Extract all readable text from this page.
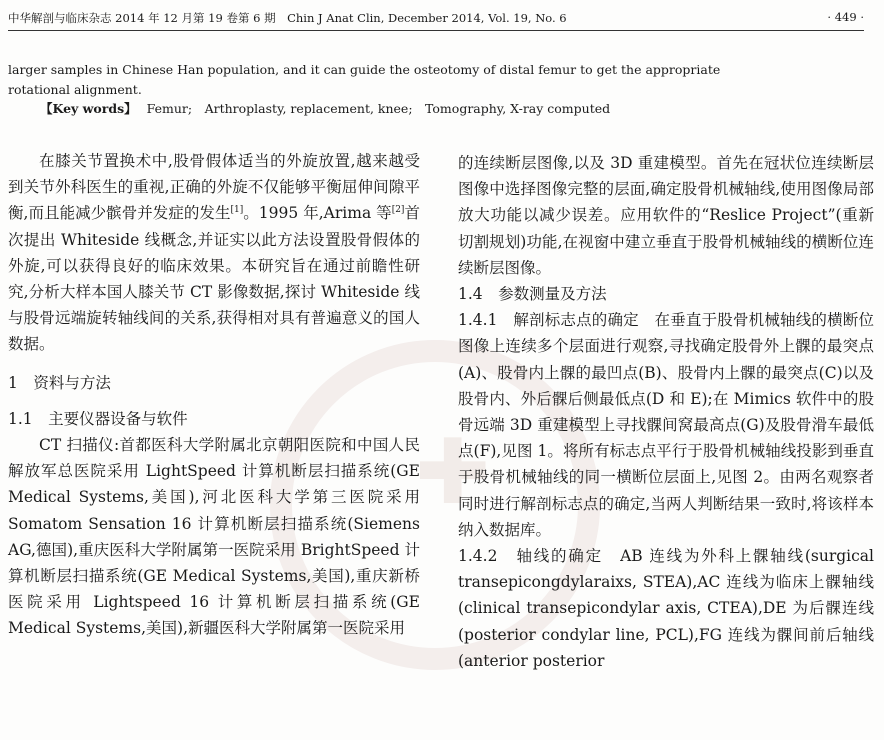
中华解剖与临床杂志 2014 年 12 月第 19 卷第 6 期　Chin J Anat Clin, December 2014, Vol. 19, No. 6	· 449 ·
larger samples in Chinese Han population, and it can guide the osteotomy of distal femur to get the appropriate rotational alignment.
【Key words】 Femur;　Arthroplasty, replacement, knee;　Tomography, X-ray computed
✚

在膝关节置换术中,股骨假体适当的外旋放置,越来越受到关节外科医生的重视,正确的外旋不仅能够平衡屈伸间隙平衡,而且能减少髌骨并发症的发生[1]。1995 年,Arima 等[2]首次提出 Whiteside 线概念,并证实以此方法设置股骨假体的外旋,可以获得良好的临床效果。本研究旨在通过前瞻性研究,分析大样本国人膝关节 CT 影像数据,探讨 Whiteside 线与股骨远端旋转轴线间的关系,获得相对具有普遍意义的国人数据。

1　资料与方法

1.1　主要仪器设备与软件

CT 扫描仪:首都医科大学附属北京朝阳医院和中国人民解放军总医院采用 LightSpeed 计算机断层扫描系统(GE Medical Systems,美国),河北医科大学第三医院采用 Somatom Sensation 16 计算机断层扫描系统(Siemens AG,德国),重庆医科大学附属第一医院采用 BrightSpeed 计算机断层扫描系统(GE Medical Systems,美国),重庆新桥医院采用 Lightspeed 16 计算机断层扫描系统(GE Medical Systems,美国),新疆医科大学附属第一医院采用

的连续断层图像,以及 3D 重建模型。首先在冠状位连续断层图像中选择图像完整的层面,确定股骨机械轴线,使用图像局部放大功能以减少误差。应用软件的“Reslice Project”(重新切割规划)功能,在视窗中建立垂直于股骨机械轴线的横断位连续断层图像。

1.4　参数测量及方法

1.4.1　解剖标志点的确定　在垂直于股骨机械轴线的横断位图像上连续多个层面进行观察,寻找确定股骨外上髁的最突点(A)、股骨内上髁的最凹点(B)、股骨内上髁的最突点(C)以及股骨内、外后髁后侧最低点(D 和 E);在 Mimics 软件中的股骨远端 3D 重建模型上寻找髁间窝最高点(G)及股骨滑车最低点(F),见图 1。将所有标志点平行于股骨机械轴线投影到垂直于股骨机械轴线的同一横断位层面上,见图 2。由两名观察者同时进行解剖标志点的确定,当两人判断结果一致时,将该样本纳入数据库。

1.4.2　轴线的确定　AB 连线为外科上髁轴线(surgical transepicongdylaraixs, STEA),AC 连线为临床上髁轴线(clinical transepicondylar axis, CTEA),DE 为后髁连线(posterior condylar line, PCL),FG 连线为髁间前后轴线(anterior posterior
